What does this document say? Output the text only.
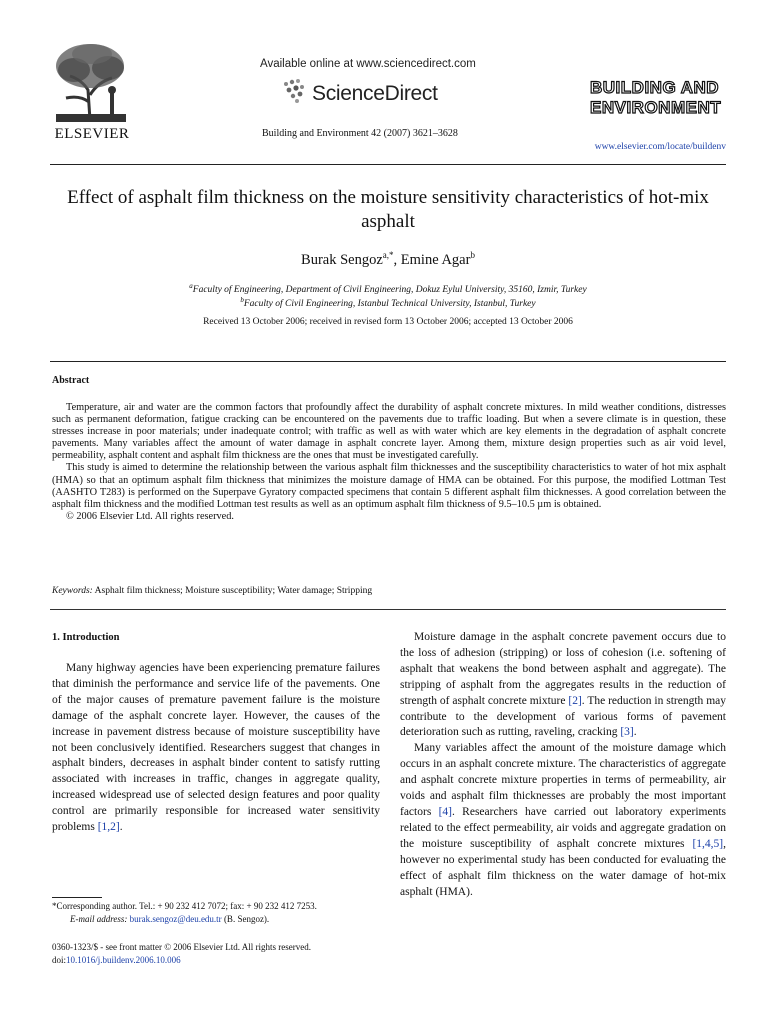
ELSEVIER
Available online at www.sciencedirect.com
ScienceDirect
Building and Environment 42 (2007) 3621–3628
BUILDING AND
ENVIRONMENT
www.elsevier.com/locate/buildenv
Effect of asphalt film thickness on the moisture sensitivity characteristics of hot-mix asphalt
Burak Sengoz$^{a,*}$, Emine Agar$^b$
$^a$Faculty of Engineering, Department of Civil Engineering, Dokuz Eylul University, 35160, Izmir, Turkey
$^b$Faculty of Civil Engineering, Istanbul Technical University, Istanbul, Turkey
Received 13 October 2006; received in revised form 13 October 2006; accepted 13 October 2006
Abstract

Temperature, air and water are the common factors that profoundly affect the durability of asphalt concrete mixtures. In mild weather conditions, distresses such as permanent deformation, fatigue cracking can be encountered on the pavements due to traffic loading. But when a severe climate is in question, these stresses increase in poor materials; under inadequate control; with traffic as well as with water which are key elements in the degradation of asphalt concrete pavements. Many variables affect the amount of water damage in asphalt concrete layer. Among them, mixture design properties such as air void level, permeability, asphalt content and asphalt film thickness are the ones that must be investigated carefully.

This study is aimed to determine the relationship between the various asphalt film thicknesses and the susceptibility characteristics to water of hot mix asphalt (HMA) so that an optimum asphalt film thickness that minimizes the moisture damage of HMA can be obtained. For this purpose, the modified Lottman Test (AASHTO T283) is performed on the Superpave Gyratory compacted specimens that contain 5 different asphalt film thicknesses. A good correlation between the asphalt film thickness and the modified Lottman test results as well as an optimum asphalt film thickness of 9.5–10.5 µm is obtained.

© 2006 Elsevier Ltd. All rights reserved.

Keywords: Asphalt film thickness; Moisture susceptibility; Water damage; Stripping
1. Introduction

Many highway agencies have been experiencing premature failures that diminish the performance and service life of the pavements. One of the major causes of premature pavement failure is the moisture damage of the asphalt concrete layer. However, the causes of the increase in pavement distress because of moisture susceptibility have not been conclusively identified. Researchers suggest that changes in asphalt binders, decreases in asphalt binder content to satisfy rutting associated with increases in traffic, changes in aggregate quality, increased widespread use of selected design features and poor quality control are primarily responsible for increased water sensitivity problems [1,2].

Moisture damage in the asphalt concrete pavement occurs due to the loss of adhesion (stripping) or loss of cohesion (i.e. softening of asphalt that weakens the bond between asphalt and aggregate). The stripping of asphalt from the aggregates results in the reduction of strength of asphalt concrete mixture [2]. The reduction in strength may contribute to the development of various forms of pavement deterioration such as rutting, raveling, cracking [3].

Many variables affect the amount of the moisture damage which occurs in an asphalt concrete mixture. The characteristics of aggregate and asphalt concrete mixture properties in terms of permeability, air voids and asphalt film thicknesses are probably the most important factors [4]. Researchers have carried out laboratory experiments related to the effect permeability, air voids and aggregate gradation on the moisture susceptibility of asphalt concrete mixtures [1,4,5], however no experimental study has been conducted for evaluating the effect of asphalt film thickness on the water damage of hot-mix asphalt (HMA).

*Corresponding author. Tel.: + 90 232 412 7072; fax: + 90 232 412 7253.
E-mail address: burak.sengoz@deu.edu.tr (B. Sengoz).
0360-1323/$ - see front matter © 2006 Elsevier Ltd. All rights reserved.
doi:10.1016/j.buildenv.2006.10.006
